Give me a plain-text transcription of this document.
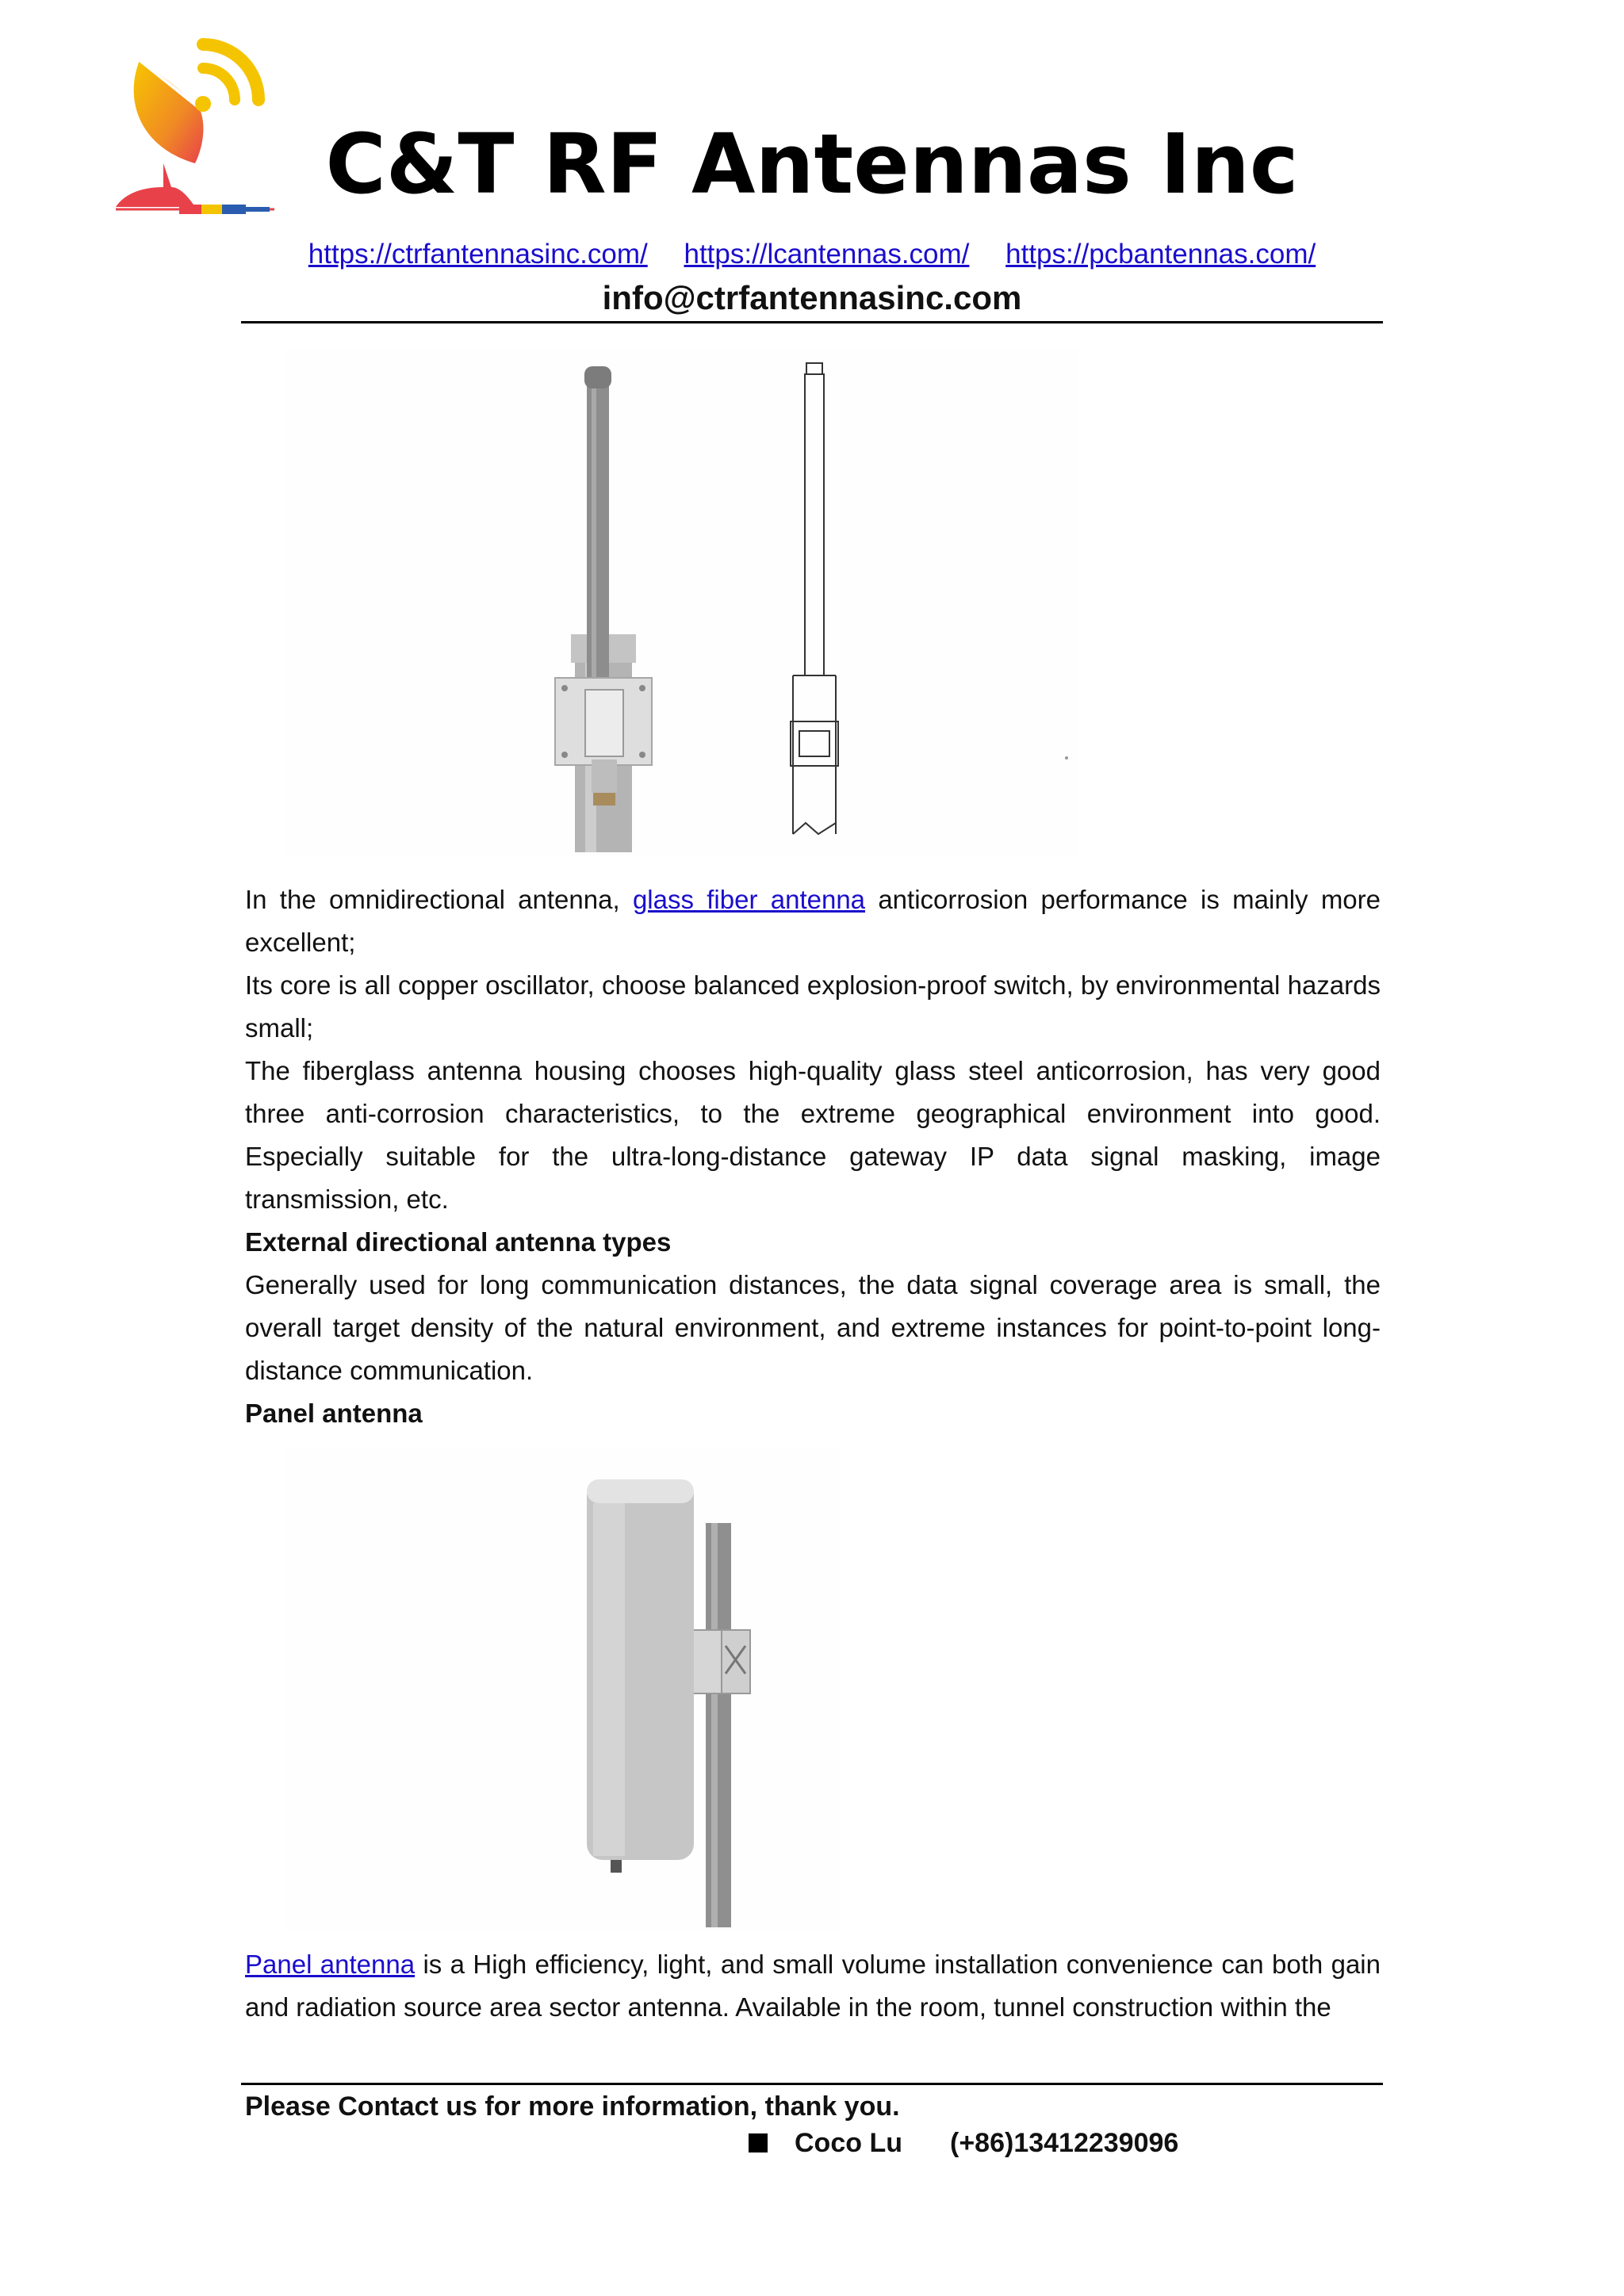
C&T RF Antennas Inc
https://ctrfantennasinc.com/ https://lcantennas.com/ https://pcbantennas.com/
info@ctrfantennasinc.com

In the omnidirectional antenna, glass fiber antenna anticorrosion performance is mainly more excellent;

Its core is all copper oscillator, choose balanced explosion-proof switch, by environmental hazards small;

The fiberglass antenna housing chooses high-quality glass steel anticorrosion, has very good three anti-corrosion characteristics, to the extreme geographical environment into good. Especially suitable for the ultra-long-distance gateway IP data signal masking, image transmission, etc.

External directional antenna types

Generally used for long communication distances, the data signal coverage area is small, the overall target density of the natural environment, and extreme instances for point-to-point long-distance communication.

Panel antenna

Panel antenna is a High efficiency, light, and small volume installation convenience can both gain and radiation source area sector antenna. Available in the room, tunnel construction within the

Please Contact us for more information, thank you.
Coco Lu	(+86)13412239096
